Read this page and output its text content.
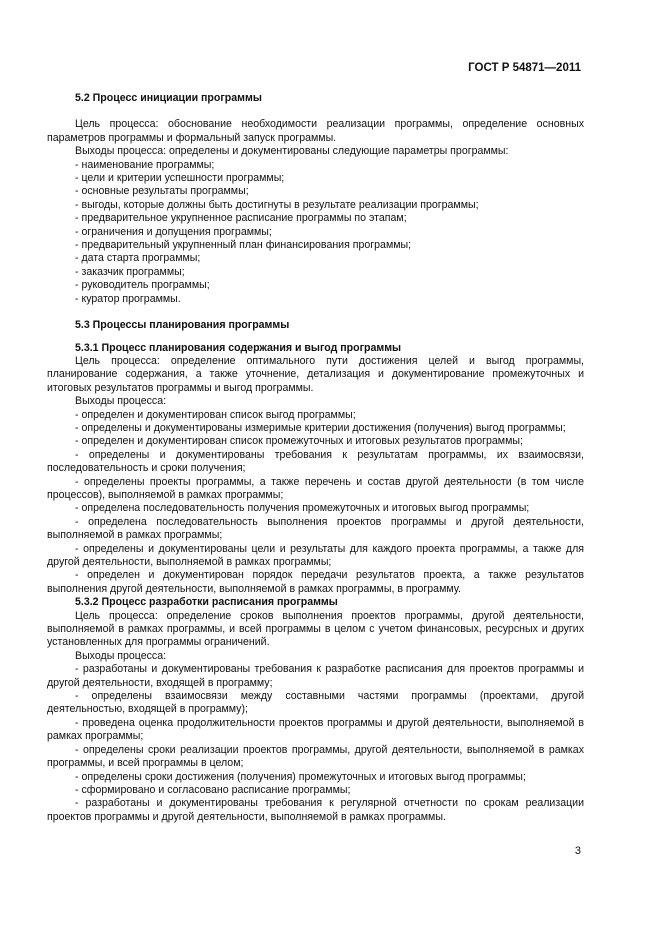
ГОСТ Р 54871—2011
5.2 Процесс инициации программы
Цель процесса: обоснование необходимости реализации программы, определение основных параметров программы и формальный запуск программы.
Выходы процесса: определены и документированы следующие параметры программы:
- наименование программы;
- цели и критерии успешности программы;
- основные результаты программы;
- выгоды, которые должны быть достигнуты в результате реализации программы;
- предварительное укрупненное расписание программы по этапам;
- ограничения и допущения программы;
- предварительный укрупненный план финансирования программы;
- дата старта программы;
- заказчик программы;
- руководитель программы;
- куратор программы.
5.3 Процессы планирования программы
5.3.1 Процесс планирования содержания и выгод программы
Цель процесса: определение оптимального пути достижения целей и выгод программы, планирование содержания, а также уточнение, детализация и документирование промежуточных и итоговых результатов программы и выгод программы.
Выходы процесса:
- определен и документирован список выгод программы;
- определены и документированы измеримые критерии достижения (получения) выгод программы;
- определен и документирован список промежуточных и итоговых результатов программы;
- определены и документированы требования к результатам программы, их взаимосвязи, последовательность и сроки получения;
- определены проекты программы, а также перечень и состав другой деятельности (в том числе процессов), выполняемой в рамках программы;
- определена последовательность получения промежуточных и итоговых выгод программы;
- определена последовательность выполнения проектов программы и другой деятельности, выполняемой в рамках программы;
- определены и документированы цели и результаты для каждого проекта программы, а также для другой деятельности, выполняемой в рамках программы;
- определен и документирован порядок передачи результатов проекта, а также результатов выполнения другой деятельности, выполняемой в рамках программы, в программу.
5.3.2 Процесс разработки расписания программы
Цель процесса: определение сроков выполнения проектов программы, другой деятельности, выполняемой в рамках программы, и всей программы в целом с учетом финансовых, ресурсных и других установленных для программы ограничений.
Выходы процесса:
- разработаны и документированы требования к разработке расписания для проектов программы и другой деятельности, входящей в программу;
- определены взаимосвязи между составными частями программы (проектами, другой деятельностью, входящей в программу);
- проведена оценка продолжительности проектов программы и другой деятельности, выполняемой в рамках программы;
- определены сроки реализации проектов программы, другой деятельности, выполняемой в рамках программы, и всей программы в целом;
- определены сроки достижения (получения) промежуточных и итоговых выгод программы;
- сформировано и согласовано расписание программы;
- разработаны и документированы требования к регулярной отчетности по срокам реализации проектов программы и другой деятельности, выполняемой в рамках программы.
3
